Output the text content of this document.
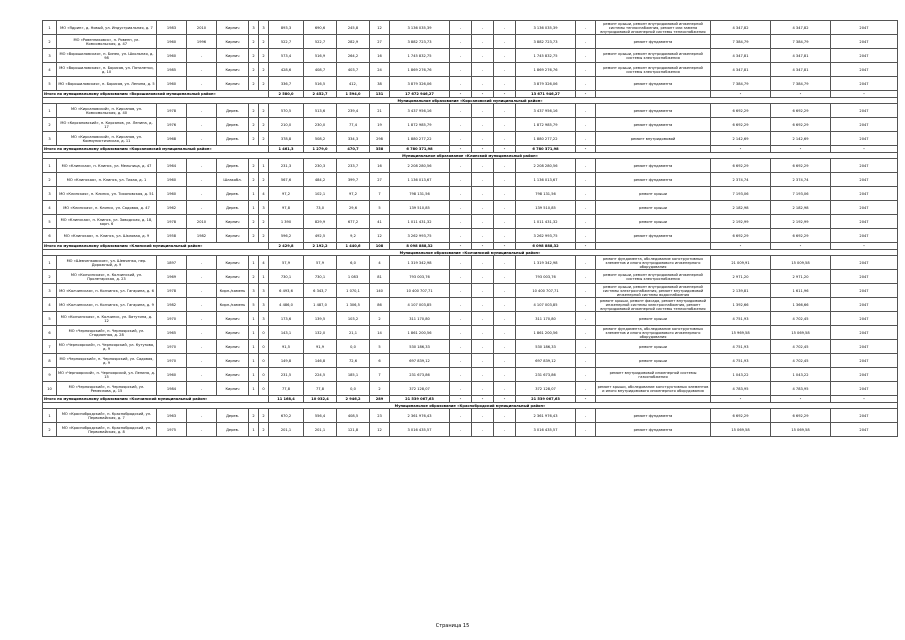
1	МО «Ядрин», д. Новый, ул. Индустриальная, д. 7	1983	2010	Кирпич	3	3	893,3	690,6	245,8	12	3 136 035,39	-	-	-	3 136 035,39	-	ремонт крыши, ремонт внутридомовой инженерной системы теплоснабжения, ремонт или замена внутридомовой инженерной системы теплоснабжения	4 347,82	4 347,82	2047
2	МО «Ровенниковск», п. Ровенн, ул. Комсомольская, д. 47	1960	1996	Кирпич	2	2	522,7	522,7	282,9	27	3 882 723,73	-	-	-	3 882 723,73	-	ремонт фундамента	7 384,79	7 384,79	2047
3	МО «Ворошиловская», п. Бинек, ул. Школьная, д. 98	1960	-	Кирпич	2	2	573,4	516,9	264,2	16	1 745 832,75	-	-	-	1 745 832,75	-	ремонт крыши, ремонт внутридомовой инженерной системы электроснабжения	4 347,81	4 347,81	2047
4	МО «Ворошиловская», п. Борисов, ул. Пятилетки, д. 10	1985	-	Кирпич	2	2	428,6	408,7	403,7	24	1 869 276,76	-	-	-	1 869 276,76	-	ремонт крыши, ремонт внутридомовой инженерной системы электроснабжения	4 347,81	4 347,81	2047
5	МО «Ворошиловская», п. Борисов, ул. Ленина, д. 5	1960	-	Кирпич	2	2	336,7	516,5	412,	38	3 879 326,06	-	-	-	3 879 326,06	-	ремонт фундамента	7 384,79	7 384,79	2047
Итого по муниципальному образованию «Ворошиловский муниципальный район»							2 580,0	2 452,7	1 594,0	131	17 672 946,27	-	-	-	13 671 946,27	-		-	-	-
Муниципальное образование «Кирсановский муниципальный район»																				
1	МО «Кирсановский», п. Кирсанов, ул. Комсомольская, д. 40	1978	-	Дерев.	2	2	570,5	513,6	239,4	21	3 437 956,16	-	-	-	3 437 956,16	-	ремонт фундамента	6 692,29	6 692,29	2047
2	МО «Кирсановский», п. Кирсанов, ул. Ленина, д. 17	1976	-	Дерев.	2	2	210,0	230,0	77,4	19	1 872 985,79	-	-	-	1 872 985,79	-	ремонт фундамента	6 692,29	6 692,29	2047
3	МО «Кирсановский», п. Кирсанов, ул. Коммунистическая, д. 11	1968	-	Дерев.	2	2	378,8	508,2	334,3	298	1 880 277,22	-	-	-	1 880 277,22	-	ремонт внутридомовой	2 142,69	2 142,69	2047
Итого по муниципальному образованию «Кирсановский муниципальный район»							1 461,3	1 279,0	470,7	358	6 780 371,98	-	-	-	6 780 371,98	-		-	-	-
Муниципальное образование «Клинский муниципальный район»																				
1	МО «Клинская», п. Клинск, ул. Мельница, д. 47	1964	-	Дерев.	2	1	231,3	230,3	233,7	16	2 208 280,56	-	-	-	2 208 280,56	-	ремонт фундамента	6 692,29	6 692,29	2047
2	МО «Клинская», п. Клинск, ул. Тихая, д. 1	1960	-	Шлакобл.	2	2	567,6	484,2	399,7	27	1 136 013,67	-	-	-	1 136 013,67	-	ремонт фундамента	2 374,74	2 374,74	2047
3	МО «Клинская», п. Клинск, ул. Тихоновская, д. 51	1960	-	Дерев.	1	4	97,2	102,1	97,2	7	798 131,56	-	-	-	798 131,56	-	ремонт крыши	7 193,06	7 193,06	2047
4	МО «Клинская», п. Клинск, ул. Садовая, д. 47	1962	-	Дерев.	1	3	97,8	73,0	29,6	5	139 510,85	-	-	-	139 510,85	-	ремонт крыши	2 182,98	2 182,98	2047
5	МО «Клинская», п. Клинск, ул. Заводская, д. 18, корп. 6	1978	2010	Кирпич	2	2	1 390	829,9	677,2	41	1 011 431,32	-	-	-	1 011 431,32	-	ремонт крыши	2 192,99	2 192,99	2047
6	МО «Клинская», п. Клинск, ул. Шкловая, д. 9	1958	1982	Кирпич	2	2	596,2	492,5	9,2	12	3 262 993,75	-	-	-	3 262 993,75	-	ремонт фундамента	6 692,29	6 692,29	2047
Итого по муниципальному образованию «Клинский муниципальный район»							2 429,8	2 192,2	1 440,6	108	8 098 888,32	-	-	-	6 098 888,32	-		-	-	-
Муниципальное образование «Колчинский муниципальный район»																				
1	МО «Шевченковское», ул. Шевченко, пер. Дорожный, д. 9	1897	-	Кирпич	1	4	57,9	57,9	6,0	4	1 319 342,98	-	-	-	1 319 342,98	-	ремонт фундамента, обследование конструктивных элементов и иного внутридомового инженерного оборудования	21 009,91	15 009,58	2047
2	МО «Колчинская», п. Колчинский, ул. Пролетарская, д. 23	1969	-	Кирпич	2	1	730,1	730,1	1 083	81	793 003,76	-	-	-	793 003,76	-	ремонт крыши, ремонт внутридомовой инженерной системы электроснабжения	2 971,20	2 971,20	2047
3	МО «Колчинская», п. Колчинск, ул. Гагарина, д. 6	1978	-	Кирп./камень	3	3	6 493,6	6 343,7	1 070,1	140	10 400 707,71	-	-	-	10 400 707,71	-	ремонт крыши, ремонт внутридомовой инженерной системы электроснабжения, ремонт внутридомовой инженерной системы водоснабжения	2 139,81	1 611,96	2047
4	МО «Колчинская», п. Колчинск, ул. Гагарина, д. 9	1982	-	Кирп./камень	5	3	4 486,0	1 487,0	1 306,5	86	4 107 003,85	-	-	-	4 107 003,85	-	ремонт крыши, ремонт фасада, ремонт внутридомовой инженерной системы электроснабжения, ремонт внутридомовой инженерной системы теплоснабжения	1 392,66	1 366,66	2047
5	МО «Колчинская», п. Колчинск, ул. Ватутина, д. 12	1970	-	Кирпич	1	3	173,6	139,5	103,2	2	311 170,80	-	-	-	311 170,80	-	ремонт крыши	4 751,93	4 702,45	2047
6	МО «Черноярский», п. Черноярский, ул. Стадионная, д. 28	1965	-	Кирпич	1	0	143,1	132,0	21,1	14	1 861 200,56	-	-	-	1 861 200,56	-	ремонт фундамента, обследование конструктивных элементов и иного внутридомового инженерного оборудования	15 969,58	15 069,58	2047
7	МО «Черноярский», п. Черноярский, ул. Кутузова, д. 9	1970	-	Кирпич	1	0	91,5	91,9	0,0	5	530 186,33	-	-	-	530 186,33	-	ремонт крыши	4 751,93	4 702,45	2047
8	МО «Черноярский», п. Черноярский, ул. Садовая, д. 9	1970	-	Кирпич	1	0	149,8	146,8	72,6	6	697 839,12	-	-	-	697 839,12	-	ремонт крыши	4 751,93	4 702,45	2047
9	МО «Черноярский», п. Черноярский, ул. Ленина, д. 15	1960	-	Кирпич	1	0	231,5	224,5	185,1	7	231 673,86	-	-	-	231 673,86	-	ремонт внутридомовой инженерной системы газоснабжения	1 043,22	1 043,22	2047
10	МО «Черноярский», п. Черноярский, ул. Ремеслова, д. 15	1984	-	Кирпич	1	0	77,8	77,8	0,0	2	372 128,07	-	-	-	372 128,07	-	ремонт крыши, обследование конструктивных элементов и иного внутридомового инженерного оборудования	4 783,95	4 783,95	2047
Итого по муниципальному образованию «Колчинский муниципальный район»							11 168,4	10 032,4	2 946,2	289	21 539 067,63	-	-	-	21 539 067,63	-		-	-	-
Муниципальное образование «Краснобродский муниципальный район»																				
1	МО «Краснобродский», п. Краснобродский, ул. Первомайская, д. 7	1963	-	Дерев.	2	2	670,2	556,4	408,5	23	2 361 976,43	-	-	-	2 361 976,43	-	ремонт фундамента	6 692,29	6 692,29	2047
2	МО «Краснобродский», п. Краснобродский, ул. Первомайская, д. 8	1975	-	Дерев.	1	2	201,1	201,1	121,8	12	3 016 435,57	-	-	-	3 016 435,57	-	ремонт фундамента	15 069,58	15 069,58	2047
Страница 15
